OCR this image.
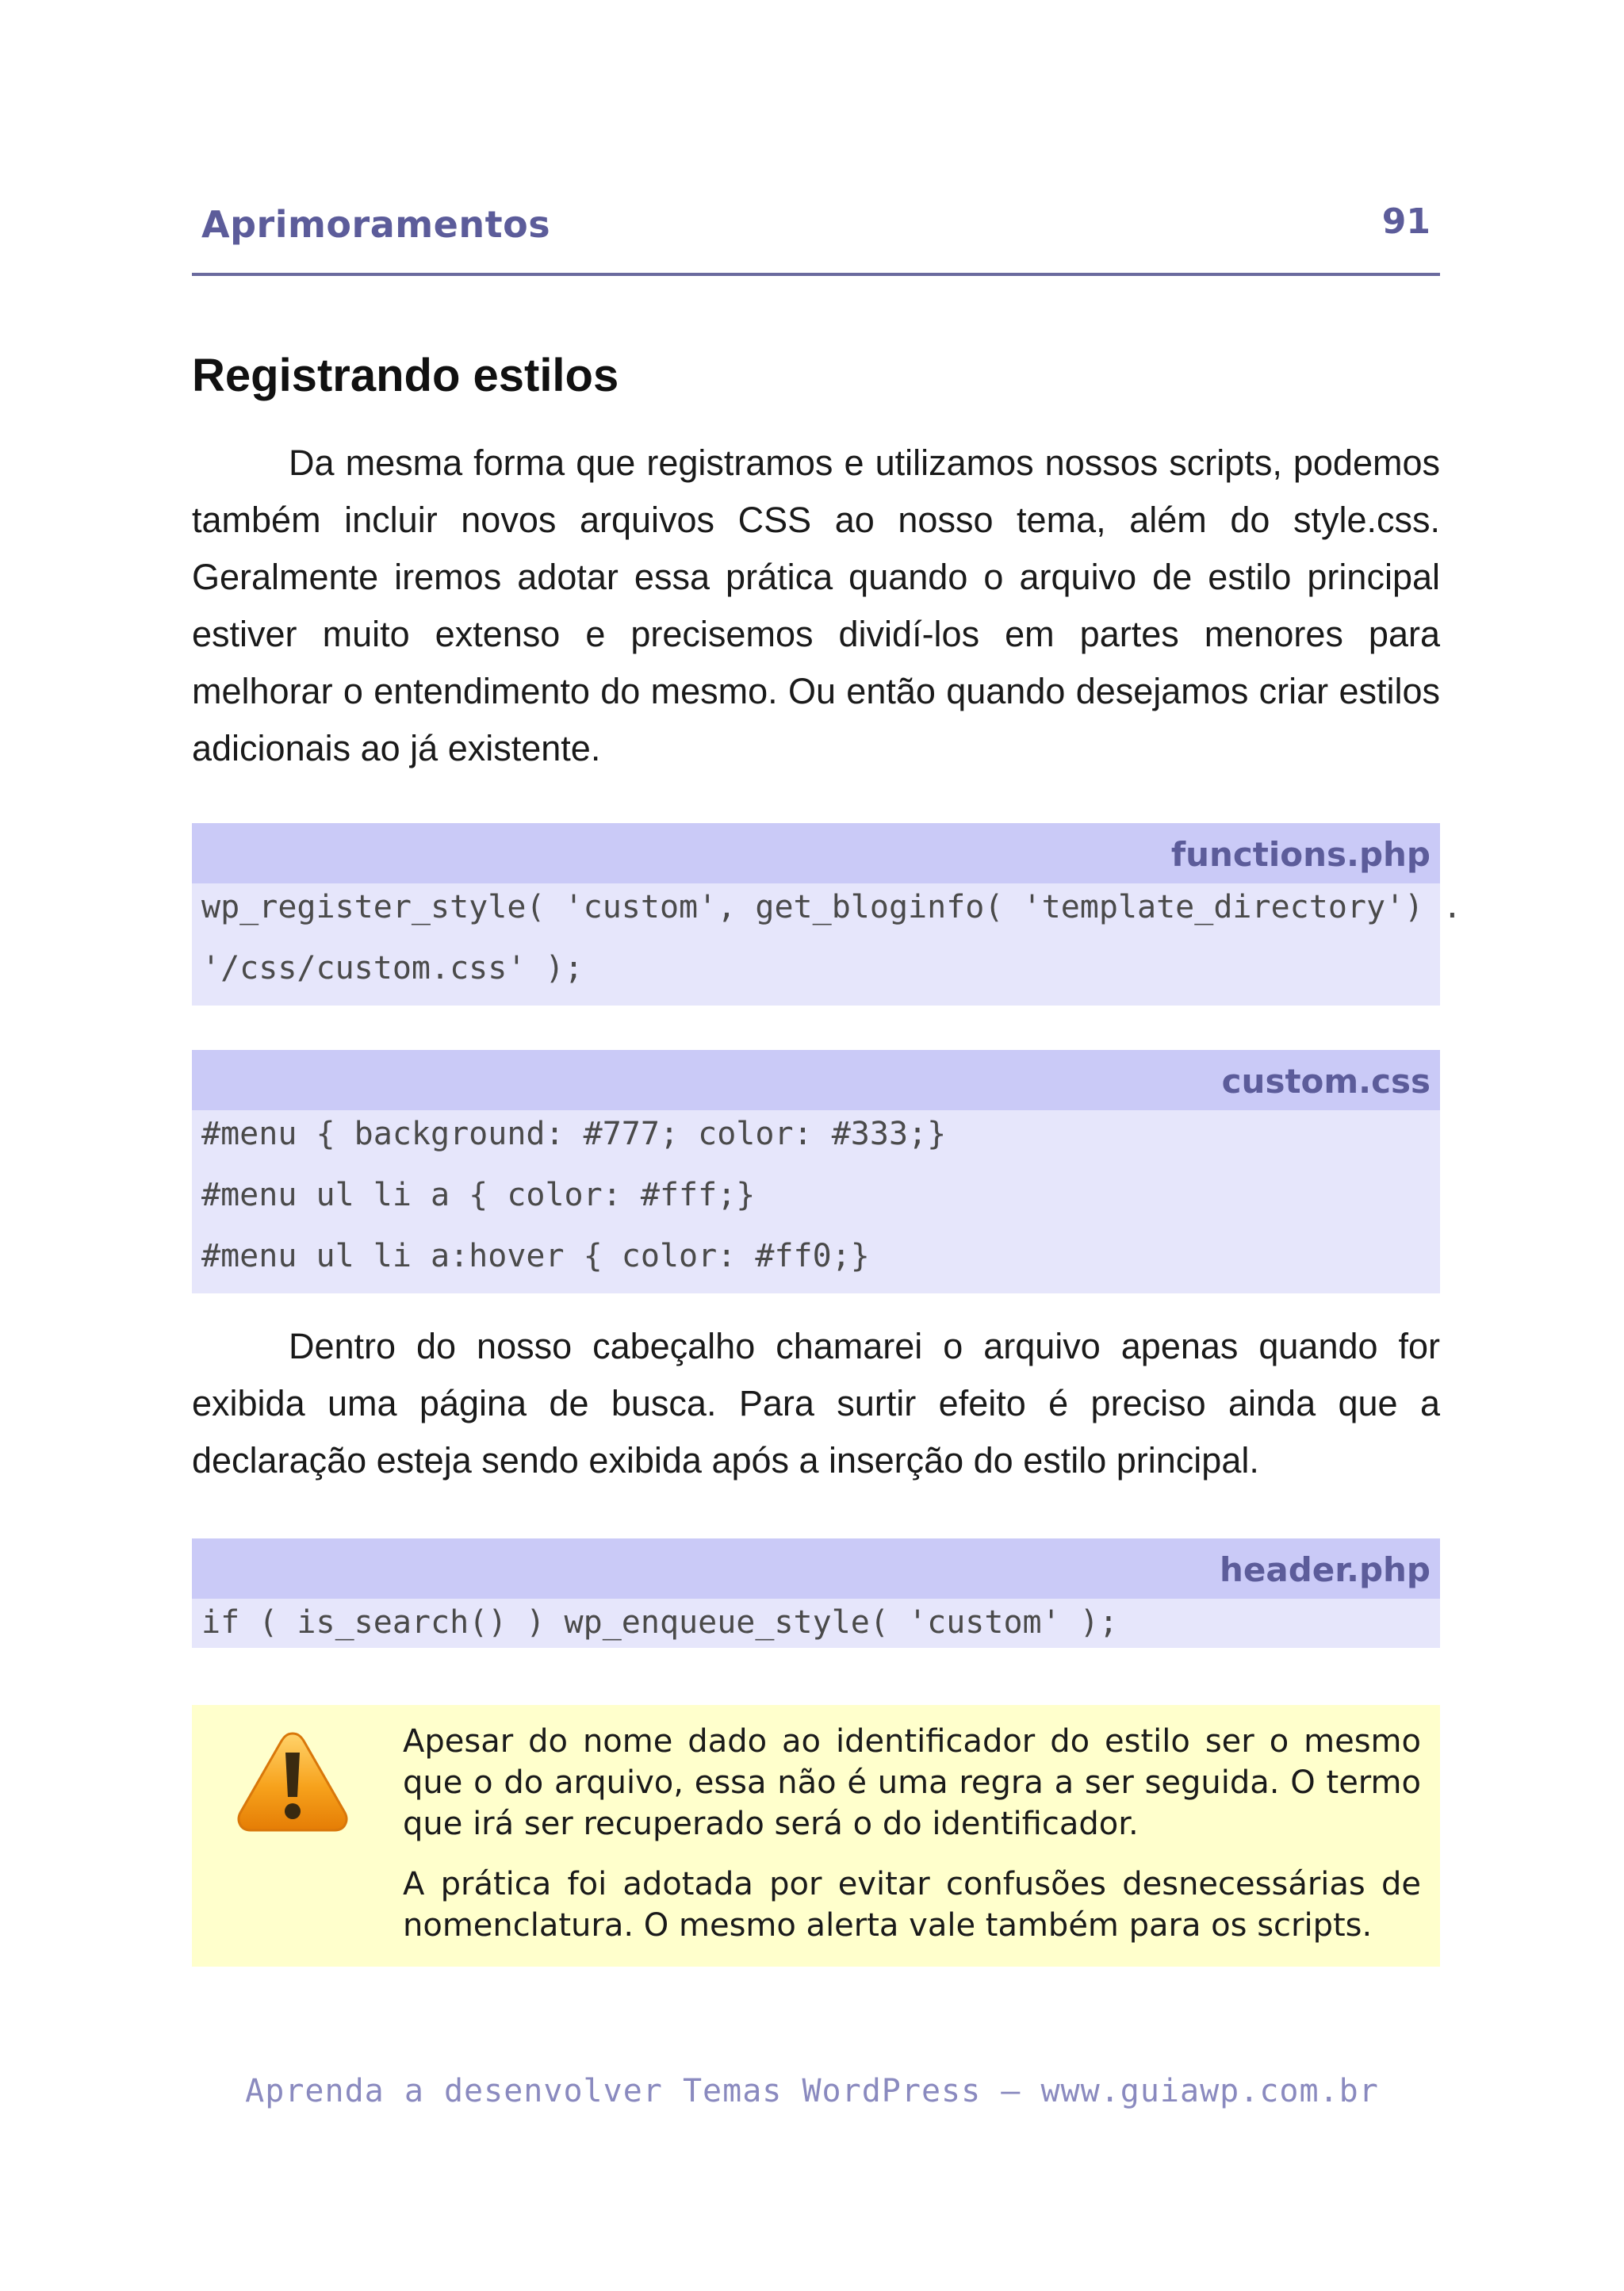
Aprimoramentos	91
Registrando estilos

Da mesma forma que registramos e utilizamos nossos scripts, podemos também incluir novos arquivos CSS ao nosso tema, além do style.css. Geralmente iremos adotar essa prática quando o arquivo de estilo principal estiver muito extenso e precisemos dividí-los em partes menores para melhorar o entendimento do mesmo. Ou então quando desejamos criar estilos adicionais ao já existente.

functions.php
wp_register_style( 'custom', get_bloginfo( 'template_directory') .
'/css/custom.css' );
custom.css
#menu { background: #777; color: #333;}
#menu ul li a { color: #fff;}
#menu ul li a:hover { color: #ff0;}

Dentro do nosso cabeçalho chamarei o arquivo apenas quando for exibida uma página de busca. Para surtir efeito é preciso ainda que a declaração esteja sendo exibida após a inserção do estilo principal.

header.php
if ( is_search() ) wp_enqueue_style( 'custom' );

Apesar do nome dado ao identificador do estilo ser o mesmo que o do arquivo, essa não é uma regra a ser seguida. O termo que irá ser recuperado será o do identificador.

A prática foi adotada por evitar confusões desnecessárias de nomenclatura. O mesmo alerta vale também para os scripts.

Aprenda a desenvolver Temas WordPress – www.guiawp.com.br
